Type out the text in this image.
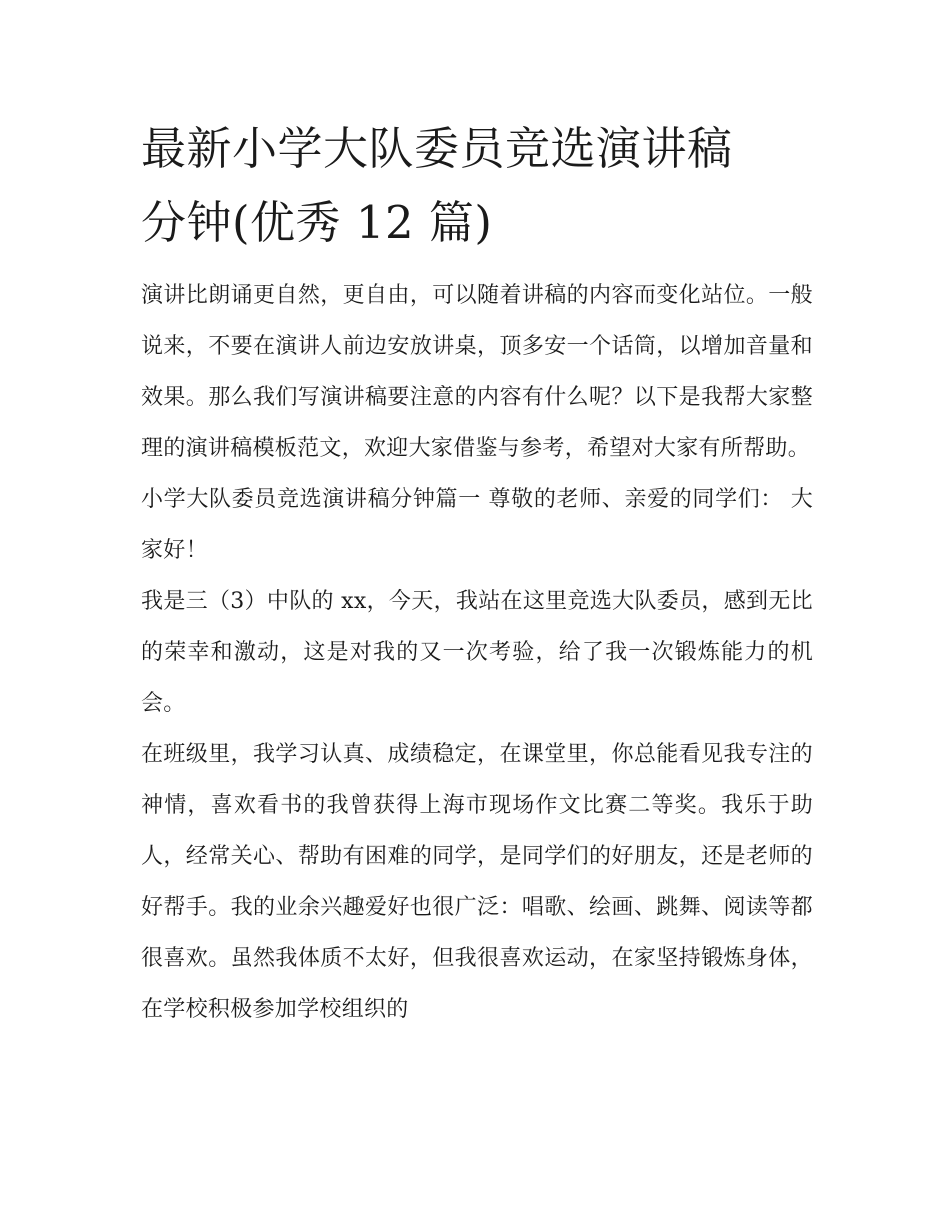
最新小学大队委员竞选演讲稿
分钟(优秀 12 篇)

演讲比朗诵更自然，更自由，可以随着讲稿的内容而变化站位。一般说来，不要在演讲人前边安放讲桌，顶多安一个话筒，以增加音量和效果。那么我们写演讲稿要注意的内容有什么呢？以下是我帮大家整理的演讲稿模板范文，欢迎大家借鉴与参考，希望对大家有所帮助。

小学大队委员竞选演讲稿分钟篇一 尊敬的老师、亲爱的同学们： 大家好！

我是三（3）中队的 xx，今天，我站在这里竞选大队委员，感到无比的荣幸和激动，这是对我的又一次考验，给了我一次锻炼能力的机会。

在班级里，我学习认真、成绩稳定，在课堂里，你总能看见我专注的神情，喜欢看书的我曾获得上海市现场作文比赛二等奖。我乐于助人，经常关心、帮助有困难的同学，是同学们的好朋友，还是老师的好帮手。我的业余兴趣爱好也很广泛：唱歌、绘画、跳舞、阅读等都很喜欢。虽然我体质不太好，但我很喜欢运动，在家坚持锻炼身体，在学校积极参加学校组织的
